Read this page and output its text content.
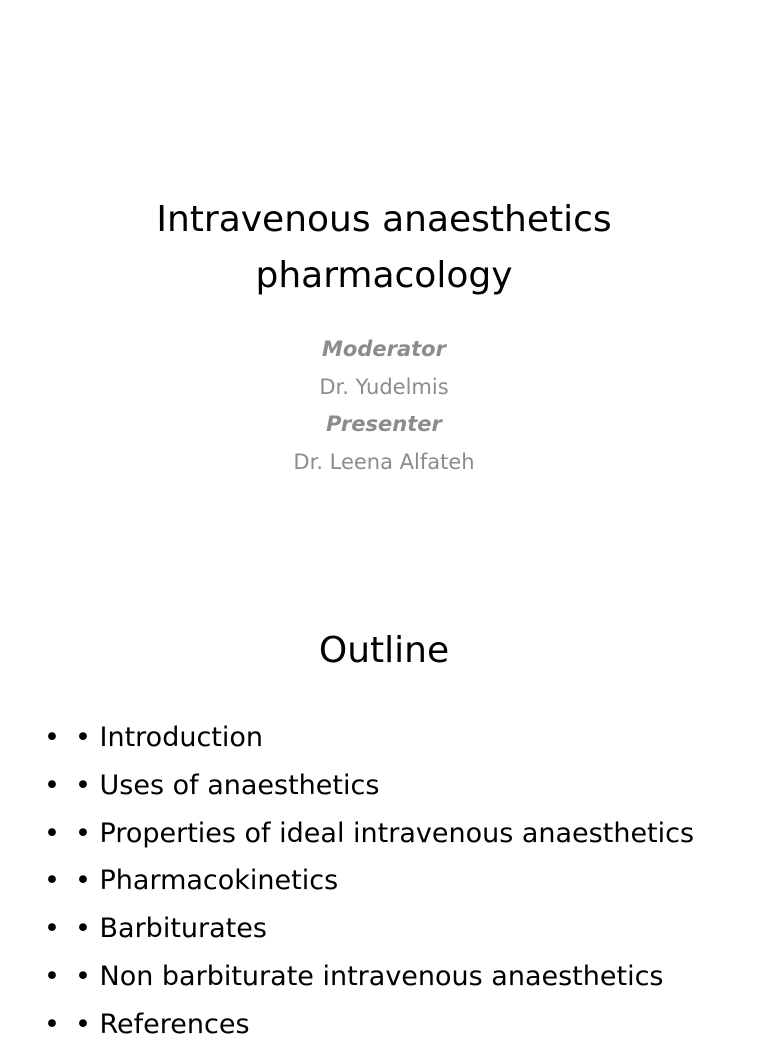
Intravenous anaesthetics
pharmacology
Moderator
Dr. Yudelmis
Presenter
Dr. Leena Alfateh
Outline
• • Introduction
• • Uses of anaesthetics
• • Properties of ideal intravenous anaesthetics
• • Pharmacokinetics
• • Barbiturates
• • Non barbiturate intravenous anaesthetics
• • References
